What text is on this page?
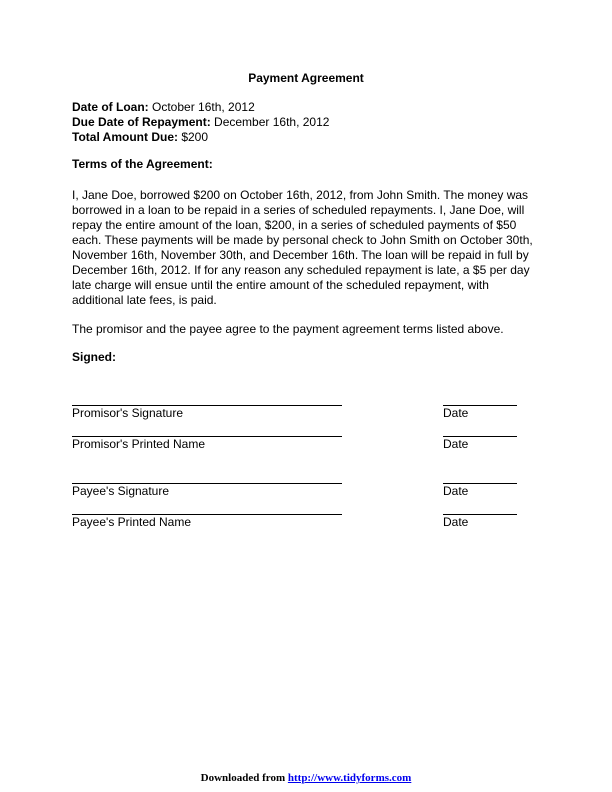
Payment Agreement
Date of Loan: October 16th, 2012
Due Date of Repayment: December 16th, 2012
Total Amount Due: $200
Terms of the Agreement:
I, Jane Doe, borrowed $200 on October 16th, 2012, from John Smith. The money was borrowed in a loan to be repaid in a series of scheduled repayments. I, Jane Doe, will repay the entire amount of the loan, $200, in a series of scheduled payments of $50 each. These payments will be made by personal check to John Smith on October 30th, November 16th, November 30th, and December 16th. The loan will be repaid in full by December 16th, 2012. If for any reason any scheduled repayment is late, a $5 per day late charge will ensue until the entire amount of the scheduled repayment, with additional late fees, is paid.
The promisor and the payee agree to the payment agreement terms listed above.
Signed:
Promisor's Signature	Date
Promisor's Printed Name	Date
Payee's Signature	Date
Payee's Printed Name	Date
Downloaded from http://www.tidyforms.com
